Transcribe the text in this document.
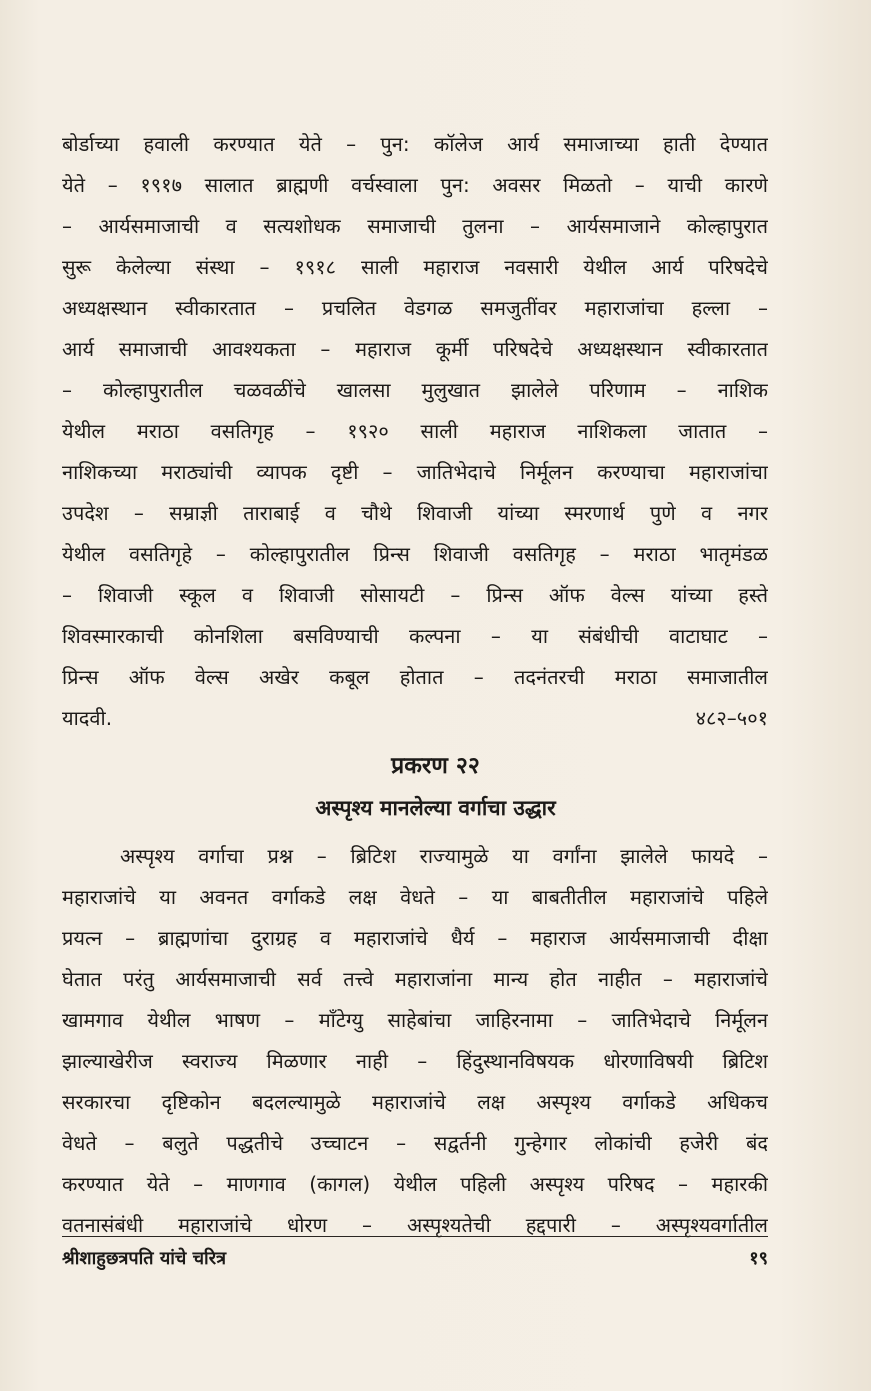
बोर्डाच्या हवाली करण्यात येते – पुन: कॉलेज आर्य समाजाच्या हाती देण्यात
येते – १९१७ सालात ब्राह्मणी वर्चस्वाला पुन: अवसर मिळतो – याची कारणे
– आर्यसमाजाची व सत्यशोधक समाजाची तुलना – आर्यसमाजाने कोल्हापुरात
सुरू केलेल्या संस्था – १९१८ साली महाराज नवसारी येथील आर्य परिषदेचे
अध्यक्षस्थान स्वीकारतात – प्रचलित वेडगळ समजुतींवर महाराजांचा हल्ला –
आर्य समाजाची आवश्यकता – महाराज कूर्मी परिषदेचे अध्यक्षस्थान स्वीकारतात
– कोल्हापुरातील चळवळींचे खालसा मुलुखात झालेले परिणाम – नाशिक
येथील मराठा वसतिगृह – १९२० साली महाराज नाशिकला जातात –
नाशिकच्या मराठ्यांची व्यापक दृष्टी – जातिभेदाचे निर्मूलन करण्याचा महाराजांचा
उपदेश – सम्राज्ञी ताराबाई व चौथे शिवाजी यांच्या स्मरणार्थ पुणे व नगर
येथील वसतिगृहे – कोल्हापुरातील प्रिन्स शिवाजी वसतिगृह – मराठा भातृमंडळ
– शिवाजी स्कूल व शिवाजी सोसायटी – प्रिन्स ऑफ वेल्स यांच्या हस्ते
शिवस्मारकाची कोनशिला बसविण्याची कल्पना – या संबंधीची वाटाघाट –
प्रिन्स ऑफ वेल्स अखेर कबूल होतात – तदनंतरची मराठा समाजातील
यादवी.	४८२–५०१
प्रकरण २२
अस्पृश्य मानलेल्या वर्गाचा उद्धार
अस्पृश्य वर्गाचा प्रश्न – ब्रिटिश राज्यामुळे या वर्गांना झालेले फायदे –
महाराजांचे या अवनत वर्गाकडे लक्ष वेधते – या बाबतीतील महाराजांचे पहिले
प्रयत्न – ब्राह्मणांचा दुराग्रह व महाराजांचे धैर्य – महाराज आर्यसमाजाची दीक्षा
घेतात परंतु आर्यसमाजाची सर्व तत्त्वे महाराजांना मान्य होत नाहीत – महाराजांचे
खामगाव येथील भाषण – मॉंटेग्यु साहेबांचा जाहिरनामा – जातिभेदाचे निर्मूलन
झाल्याखेरीज स्वराज्य मिळणार नाही – हिंदुस्थानविषयक धोरणाविषयी ब्रिटिश
सरकारचा दृष्टिकोन बदलल्यामुळे महाराजांचे लक्ष अस्पृश्य वर्गाकडे अधिकच
वेधते – बलुते पद्धतीचे उच्चाटन – सद्वर्तनी गुन्हेगार लोकांची हजेरी बंद
करण्यात येते – माणगाव (कागल) येथील पहिली अस्पृश्य परिषद – महारकी
वतनासंबंधी महाराजांचे धोरण – अस्पृश्यतेची हद्दपारी – अस्पृश्यवर्गातील
श्रीशाहुछत्रपति यांचे चरित्र	१९
